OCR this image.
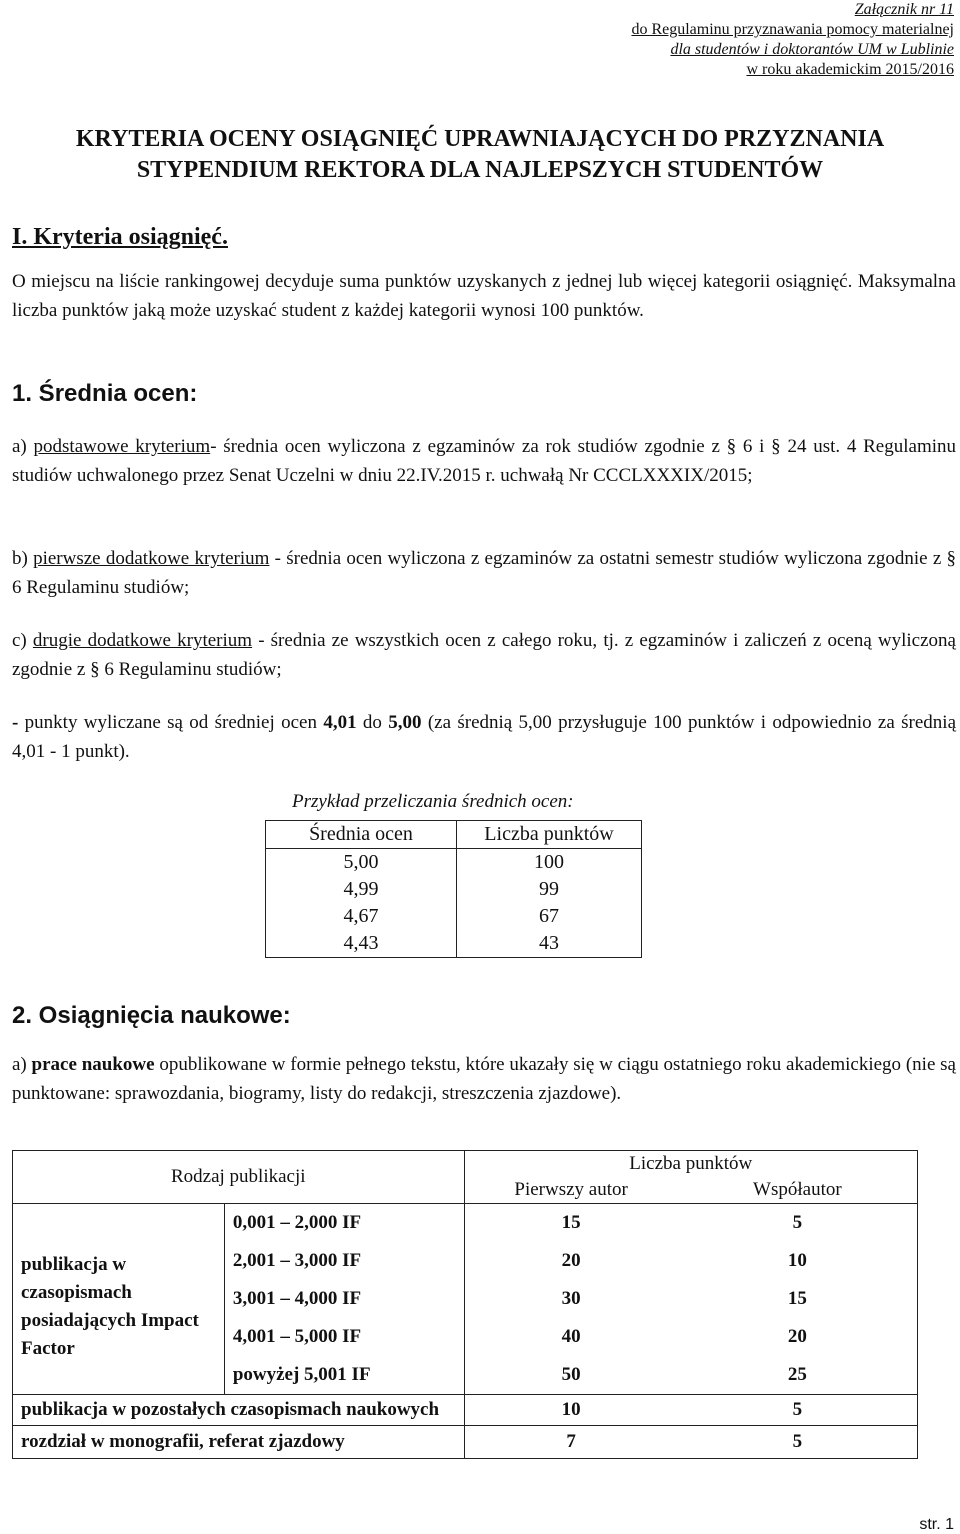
Załącznik nr 11
do Regulaminu przyznawania pomocy materialnej
dla studentów i doktorantów UM w Lublinie
w roku akademickim 2015/2016
KRYTERIA OCENY OSIĄGNIĘĆ UPRAWNIAJĄCYCH DO PRZYZNANIA
STYPENDIUM REKTORA DLA NAJLEPSZYCH STUDENTÓW
I. Kryteria osiągnięć.
O miejscu na liście rankingowej decyduje suma punktów uzyskanych z jednej lub więcej kategorii osiągnięć. Maksymalna liczba punktów jaką może uzyskać student z każdej kategorii wynosi 100 punktów.
1. Średnia ocen:
a) podstawowe kryterium- średnia ocen wyliczona z egzaminów za rok studiów zgodnie z § 6 i § 24 ust. 4 Regulaminu studiów uchwalonego przez Senat Uczelni w dniu 22.IV.2015 r. uchwałą Nr CCCLXXXIX/2015;
b) pierwsze dodatkowe kryterium - średnia ocen wyliczona z egzaminów za ostatni semestr studiów wyliczona zgodnie z § 6 Regulaminu studiów;
c) drugie dodatkowe kryterium - średnia ze wszystkich ocen z całego roku, tj. z egzaminów i zaliczeń z oceną wyliczoną zgodnie z § 6 Regulaminu studiów;
- punkty wyliczane są od średniej ocen 4,01 do 5,00 (za średnią 5,00 przysługuje 100 punktów i odpowiednio za średnią 4,01 - 1 punkt).
Przykład przeliczania średnich ocen:
Średnia ocen	Liczba punktów
5,00	100
4,99	99
4,67	67
4,43	43
2. Osiągnięcia naukowe:
a) prace naukowe opublikowane w formie pełnego tekstu, które ukazały się w ciągu ostatniego roku akademickiego (nie są punktowane: sprawozdania, biogramy, listy do redakcji, streszczenia zjazdowe).
Rodzaj publikacji		Liczba punktów	
		Pierwszy autor	Współautor
publikacja w czasopismach posiadających Impact Factor	0,001 – 2,000 IF	15	5
	2,001 – 3,000 IF	20	10
	3,001 – 4,000 IF	30	15
	4,001 – 5,000 IF	40	20
	powyżej 5,001 IF	50	25
publikacja w pozostałych czasopismach naukowych		10	5
rozdział w monografii, referat zjazdowy		7	5
str. 1
